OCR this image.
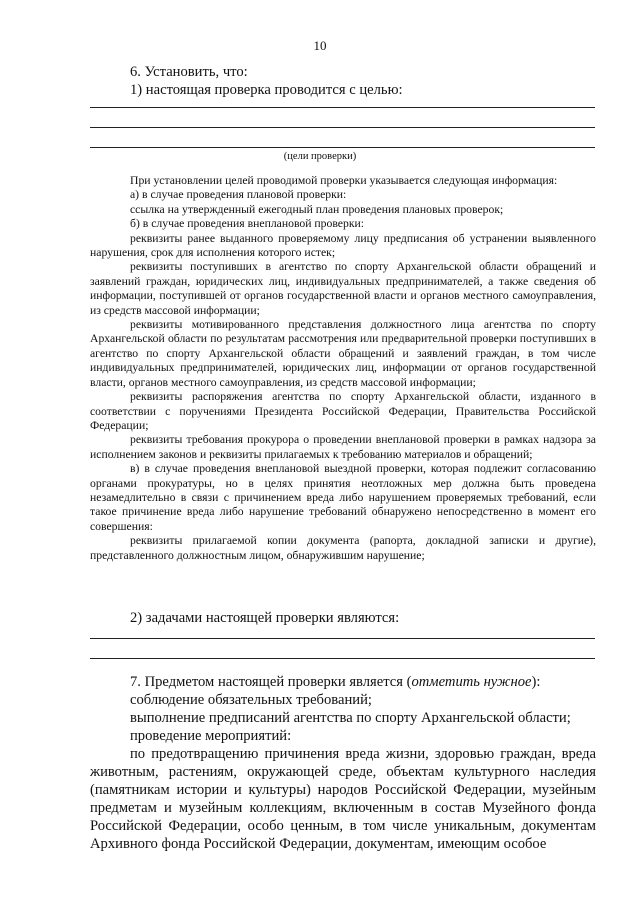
10
6. Установить, что:
1) настоящая проверка проводится с целью:
(цели проверки)

При установлении целей проводимой проверки указывается следующая информация:

а) в случае проведения плановой проверки:

ссылка на утвержденный ежегодный план проведения плановых проверок;

б) в случае проведения внеплановой проверки:

реквизиты ранее выданного проверяемому лицу предписания об устранении выявленного нарушения, срок для исполнения которого истек;

реквизиты поступивших в агентство по спорту Архангельской области обращений и заявлений граждан, юридических лиц, индивидуальных предпринимателей, а также сведения об информации, поступившей от органов государственной власти и органов местного самоуправления, из средств массовой информации;

реквизиты мотивированного представления должностного лица агентства по спорту Архангельской области по результатам рассмотрения или предварительной проверки поступивших в агентство по спорту Архангельской области обращений и заявлений граждан, в том числе индивидуальных предпринимателей, юридических лиц, информации от органов государственной власти, органов местного самоуправления, из средств массовой информации;

реквизиты распоряжения агентства по спорту Архангельской области, изданного в соответствии с поручениями Президента Российской Федерации, Правительства Российской Федерации;

реквизиты требования прокурора о проведении внеплановой проверки в рамках надзора за исполнением законов и реквизиты прилагаемых к требованию материалов и обращений;

в) в случае проведения внеплановой выездной проверки, которая подлежит согласованию органами прокуратуры, но в целях принятия неотложных мер должна быть проведена незамедлительно в связи с причинением вреда либо нарушением проверяемых требований, если такое причинение вреда либо нарушение требований обнаружено непосредственно в момент его совершения:

реквизиты прилагаемой копии документа (рапорта, докладной записки и другие), представленного должностным лицом, обнаружившим нарушение;

2) задачами настоящей проверки являются:

7. Предметом настоящей проверки является (отметить нужное):

соблюдение обязательных требований;

выполнение предписаний агентства по спорту Архангельской области;

проведение мероприятий:

по предотвращению причинения вреда жизни, здоровью граждан, вреда животным, растениям, окружающей среде, объектам культурного наследия (памятникам истории и культуры) народов Российской Федерации, музейным предметам и музейным коллекциям, включенным в состав Музейного фонда Российской Федерации, особо ценным, в том числе уникальным, документам Архивного фонда Российской Федерации, документам, имеющим особое
